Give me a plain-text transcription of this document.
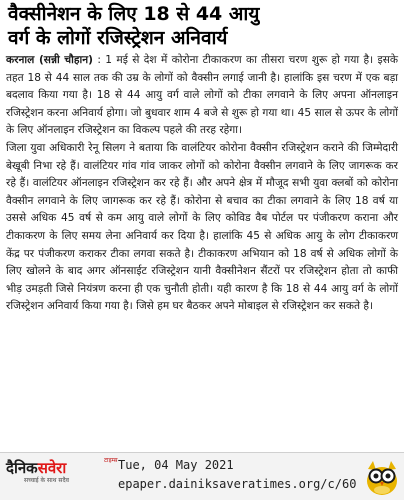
वैक्सीनेशन के लिए 18 से 44 आयु
वर्ग के लोगों रजिस्ट्रेशन अनिवार्य

करनाल (सन्नी चौहान) : 1 मई से देश में कोरोना टीकाकरण का तीसरा चरण शुरू हो गया है। इसके तहत 18 से 44 साल तक की उम्र के लोगों को वैक्सीन लगाई जानी है। हालांकि इस चरण में एक बड़ा बदलाव किया गया है। 18 से 44 आयु वर्ग वाले लोगों को टीका लगवाने के लिए अपना ऑनलाइन रजिस्ट्रेशन करना अनिवार्य होगा। जो बुधवार शाम 4 बजे से शुरू हो गया था। 45 साल से ऊपर के लोगों के लिए ऑनलाइन रजिस्ट्रेशन का विकल्प पहले की तरह रहेगा।

जिला युवा अधिकारी रेनू सिलग ने बताया कि वालंटियर कोरोना वैक्सीन रजिस्ट्रेशन कराने की जिम्मेदारी बेखूबी निभा रहे हैं। वालंटियर गांव गांव जाकर लोगों को कोरोना वैक्सीन लगवाने के लिए जागरूक कर रहे हैं। वालंटियर ऑनलाइन रजिस्ट्रेशन कर रहे हैं। और अपने क्षेत्र में मौजूद सभी युवा क्लबों को कोरोना वैक्सीन लगवाने के लिए जागरूक कर रहे हैं। कोरोना से बचाव का टीका लगवाने के लिए 18 वर्ष या उससे अधिक 45 वर्ष से कम आयु वाले लोगों के लिए कोविड वैब पोर्टल पर पंजीकरण कराना और टीकाकरण के लिए समय लेना अनिवार्य कर दिया है। हालांकि 45 से अधिक आयु के लोग टीकाकरण केंद्र पर पंजीकरण कराकर टीका लगवा सकते है। टीकाकरण अभियान को 18 वर्ष से अधिक लोगों के लिए खोलने के बाद अगर ऑनसाईट रजिस्ट्रेशन यानी वैक्सीनेशन सैंटरों पर रजिस्ट्रेशन होता तो काफी भीड़ उमड़ती जिसे नियंत्रण करना ही एक चुनौती होती। यही कारण है कि 18 से 44 आयु वर्ग के लोगों रजिस्ट्रेशन अनिवार्य किया गया है। जिसे हम घर बैठकर अपने मोबाइल से रजिस्ट्रेशन कर सकते है।

दैनिकसवेरा
सच्चाई के साथ सदैव
टाइम्स Tue, 04 May 2021
epaper.dainiksaveratimes.org/c/60
